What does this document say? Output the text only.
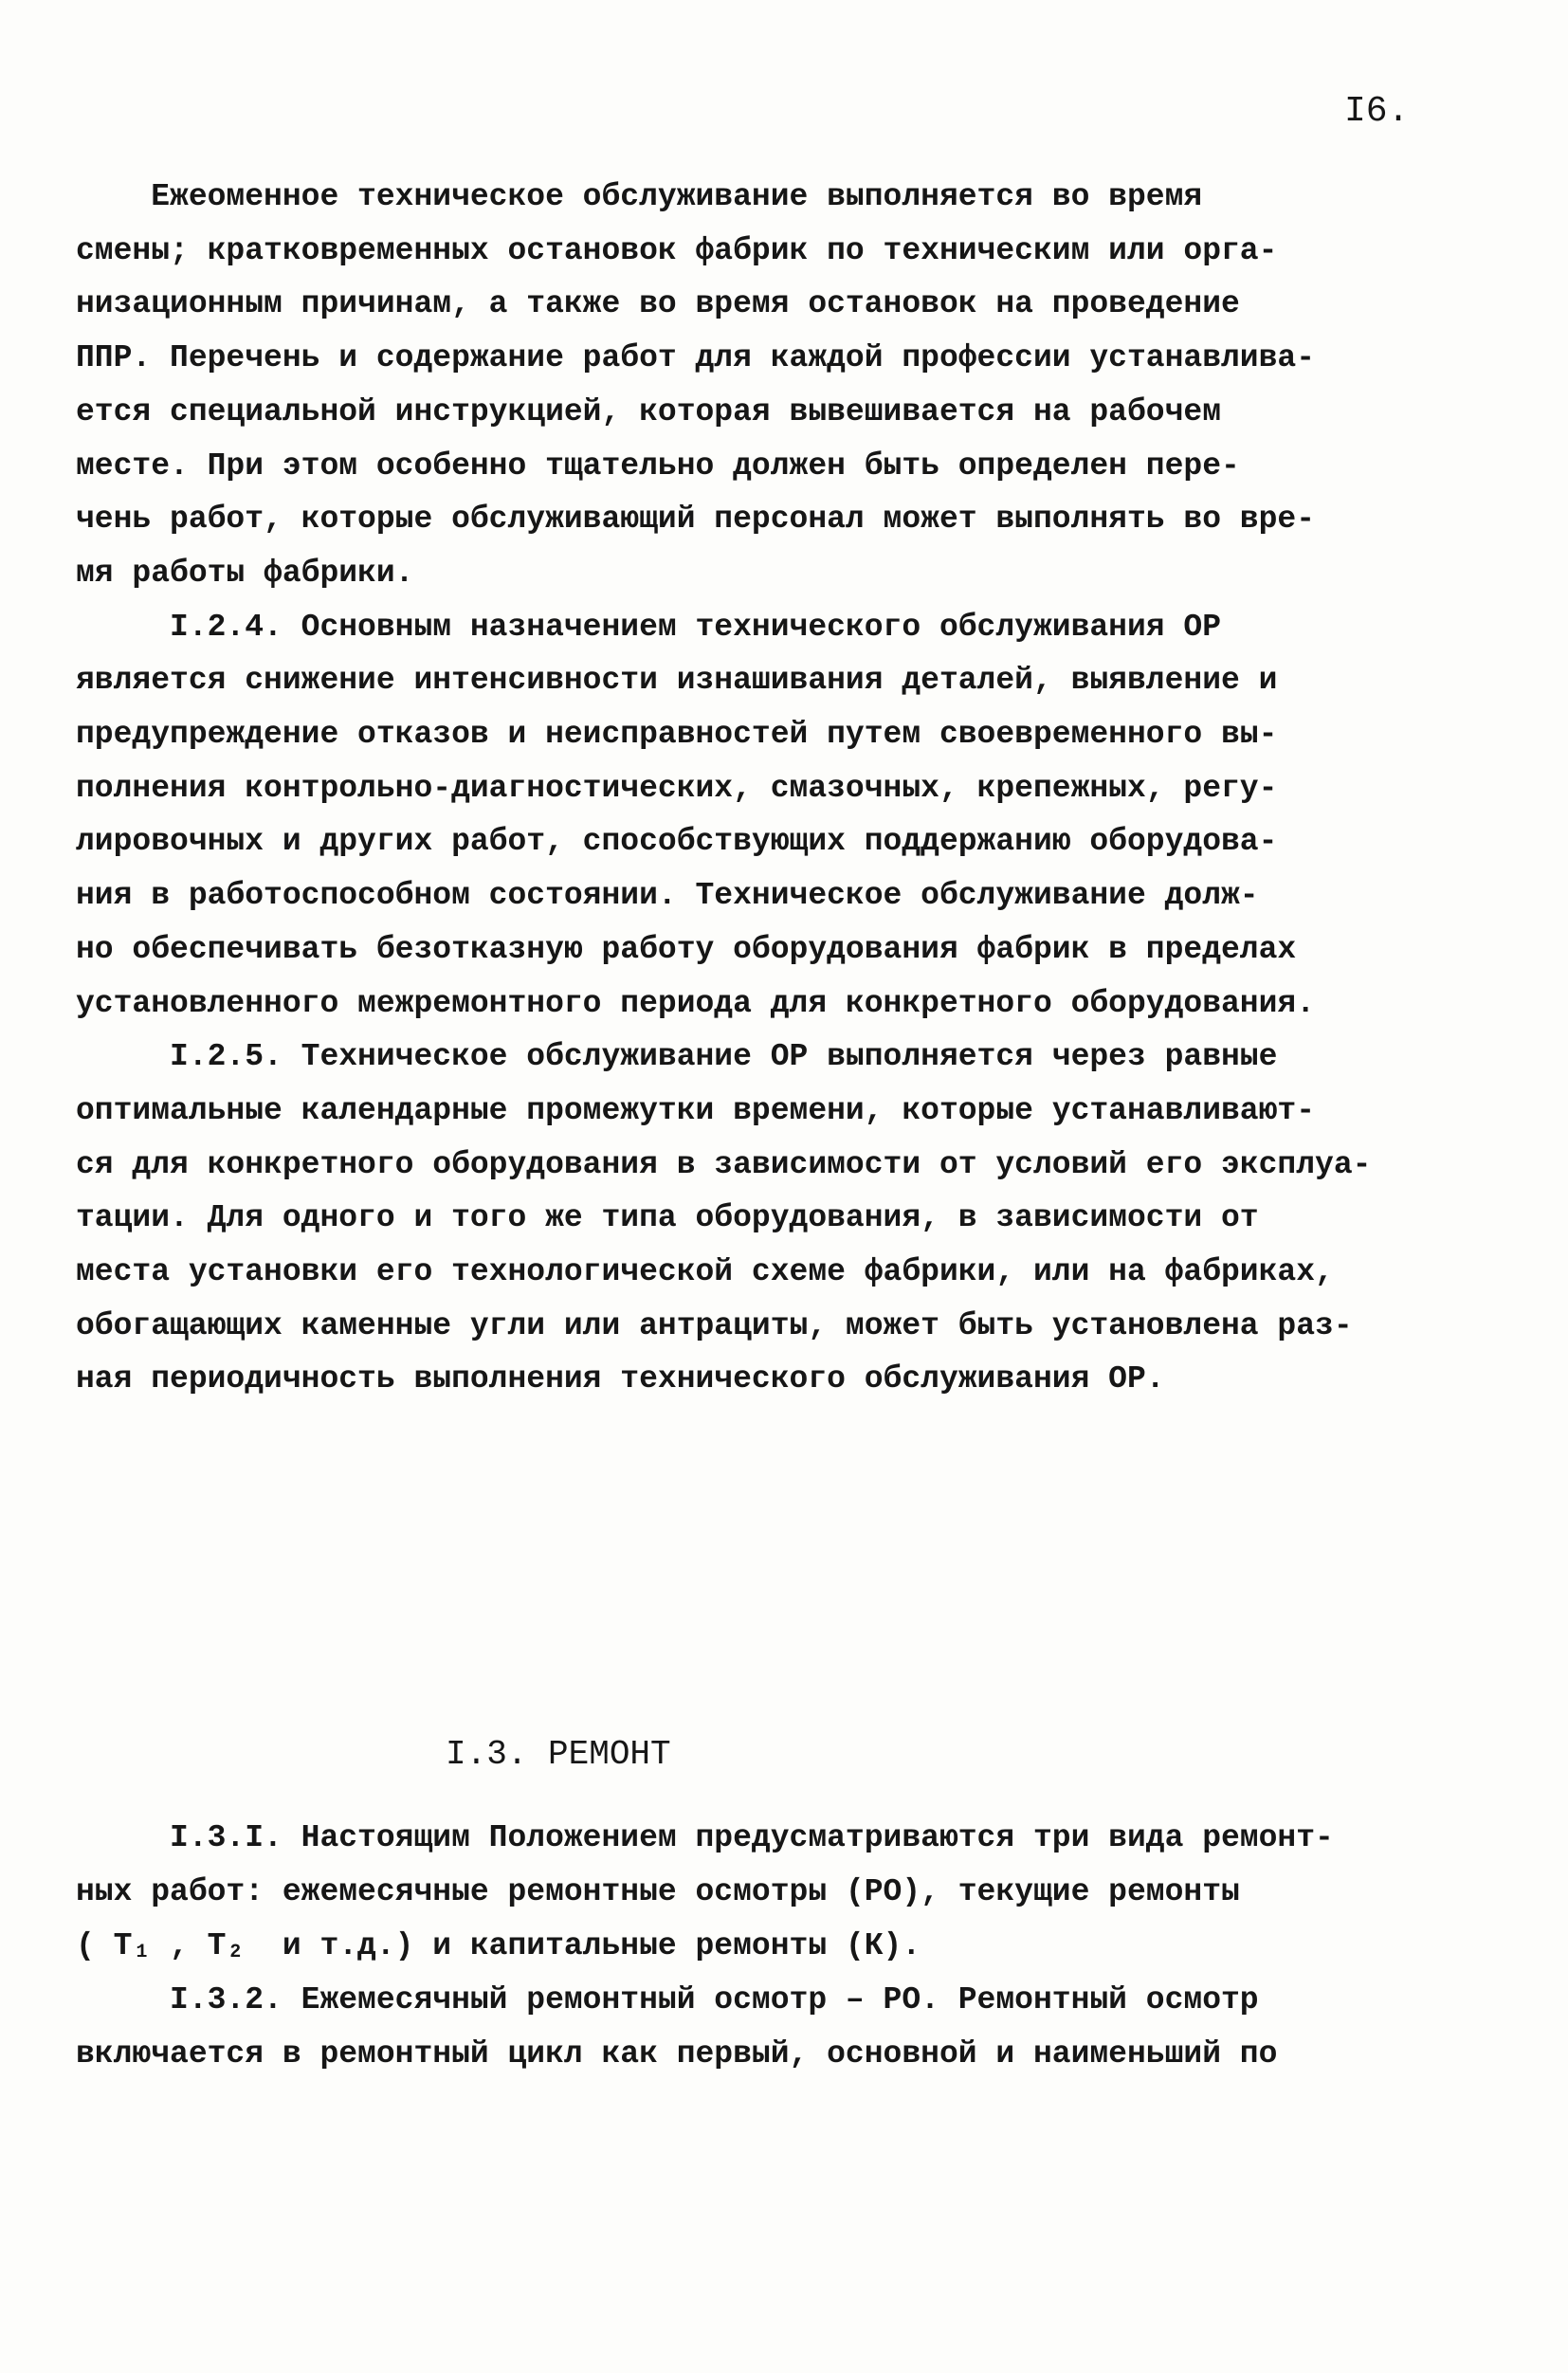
I6.
Ежеоменное техническое обслуживание выполняется во время
смены; кратковременных остановок фабрик по техническим или орга-
низационным причинам, а также во время остановок на проведение
ППР. Перечень и содержание работ для каждой профессии устанавлива-
ется специальной инструкцией, которая вывешивается на рабочем
месте. При этом особенно тщательно должен быть определен пере-
чень работ, которые обслуживающий персонал может выполнять во вре-
мя работы фабрики.
I.2.4. Основным назначением технического обслуживания ОР
является снижение интенсивности изнашивания деталей, выявление и
предупреждение отказов и неисправностей путем своевременного вы-
полнения контрольно-диагностических, смазочных, крепежных, регу-
лировочных и других работ, способствующих поддержанию оборудова-
ния в работоспособном состоянии. Техническое обслуживание долж-
но обеспечивать безотказную работу оборудования фабрик в пределах
установленного межремонтного периода для конкретного оборудования.
I.2.5. Техническое обслуживание ОР выполняется через равные
оптимальные календарные промежутки времени, которые устанавливают-
ся для конкретного оборудования в зависимости от условий его эксплуа-
тации. Для одного и того же типа оборудования, в зависимости от
места установки его технологической схеме фабрики, или на фабриках,
обогащающих каменные угли или антрациты, может быть установлена раз-
ная периодичность выполнения технического обслуживания ОР.
I.3. РЕМОНТ
I.3.I. Настоящим Положением предусматриваются три вида ремонт-
ных работ: ежемесячные ремонтные осмотры (РО), текущие ремонты
( T₁ , T₂  и т.д.) и капитальные ремонты (К).
I.3.2. Ежемесячный ремонтный осмотр – РО. Ремонтный осмотр
включается в ремонтный цикл как первый, основной и наименьший по
